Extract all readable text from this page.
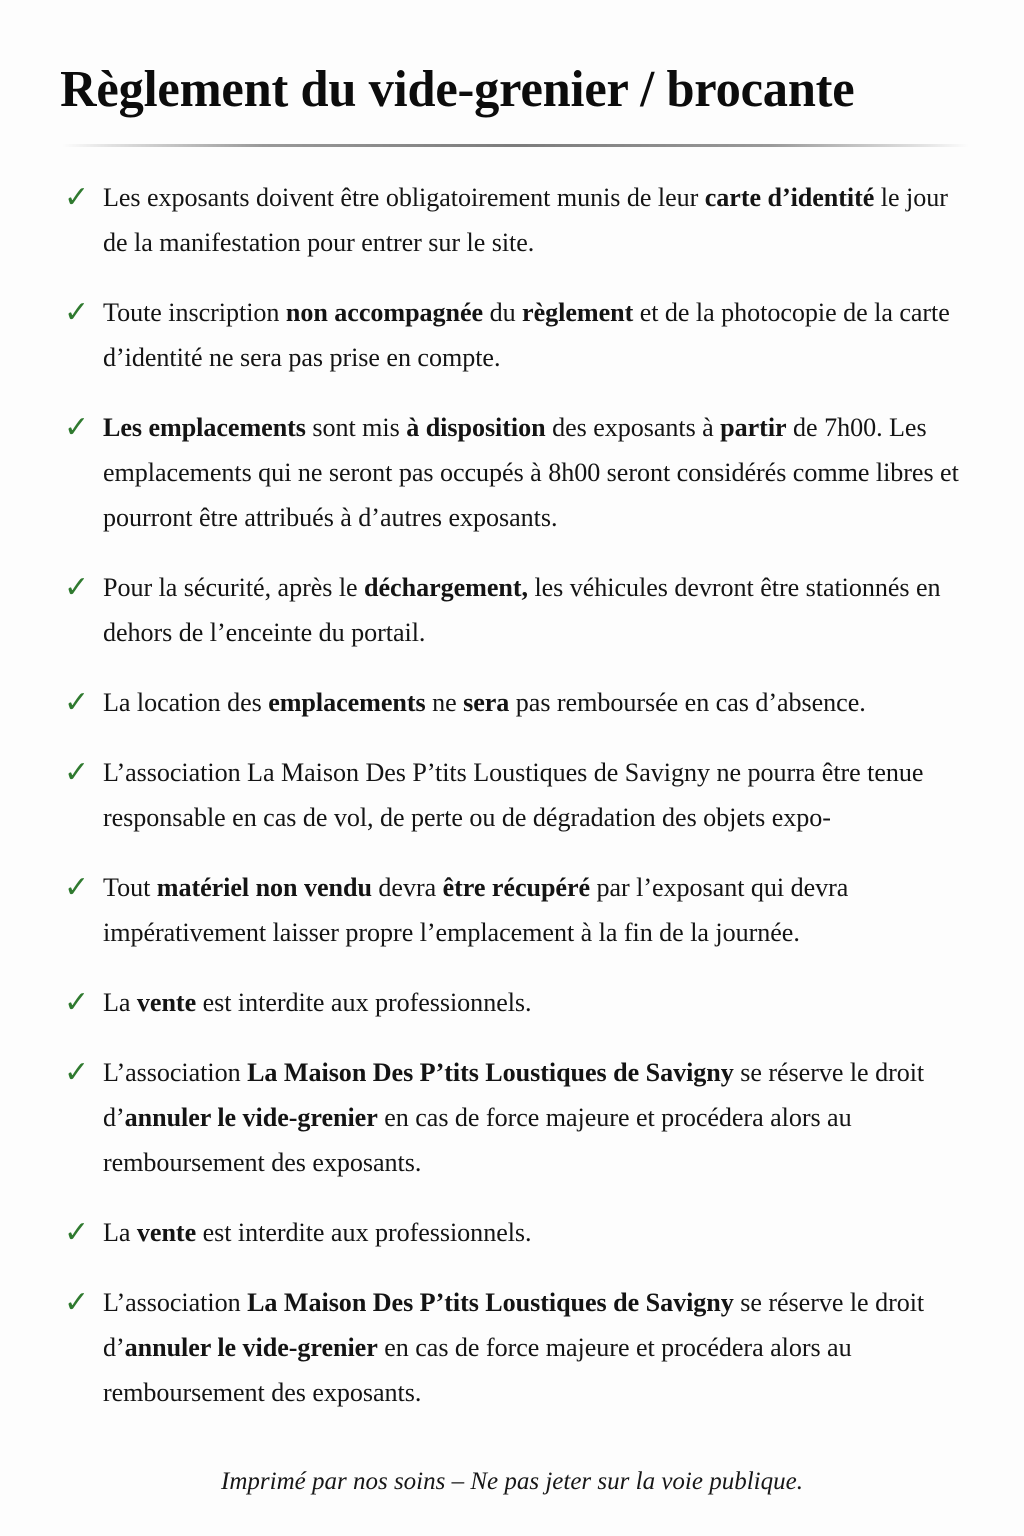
Règlement du vide-grenier / brocante
✓ Les exposants doivent être obligatoirement munis de leur carte d’identité le jour de la manifestation pour entrer sur le site.
✓ Toute inscription non accompagnée du règlement et de la photocopie de la carte d’identité ne sera pas prise en compte.
✓ Les emplacements sont mis à disposition des exposants à partir de 7h00. Les emplacements qui ne seront pas occupés à 8h00 seront considérés comme libres et pourront être attribués à d’autres exposants.
✓ Pour la sécurité, après le déchargement, les véhicules devront être stationnés en dehors de l’enceinte du portail.
✓ La location des emplacements ne sera pas remboursée en cas d’absence.
✓ L’association La Maison Des P’tits Loustiques de Savigny ne pourra être tenue responsable en cas de vol, de perte ou de dégradation des objets expo-
✓ Tout matériel non vendu devra être récupéré par l’exposant qui devra impérativement laisser propre l’emplacement à la fin de la journée.
✓ La vente est interdite aux professionnels.
✓ L’association La Maison Des P’tits Loustiques de Savigny se réserve le droit d’annuler le vide-grenier en cas de force majeure et procédera alors au remboursement des exposants.
✓ La vente est interdite aux professionnels.
✓ L’association La Maison Des P’tits Loustiques de Savigny se réserve le droit d’annuler le vide-grenier en cas de force majeure et procédera alors au remboursement des exposants.
Imprimé par nos soins – Ne pas jeter sur la voie publique.
